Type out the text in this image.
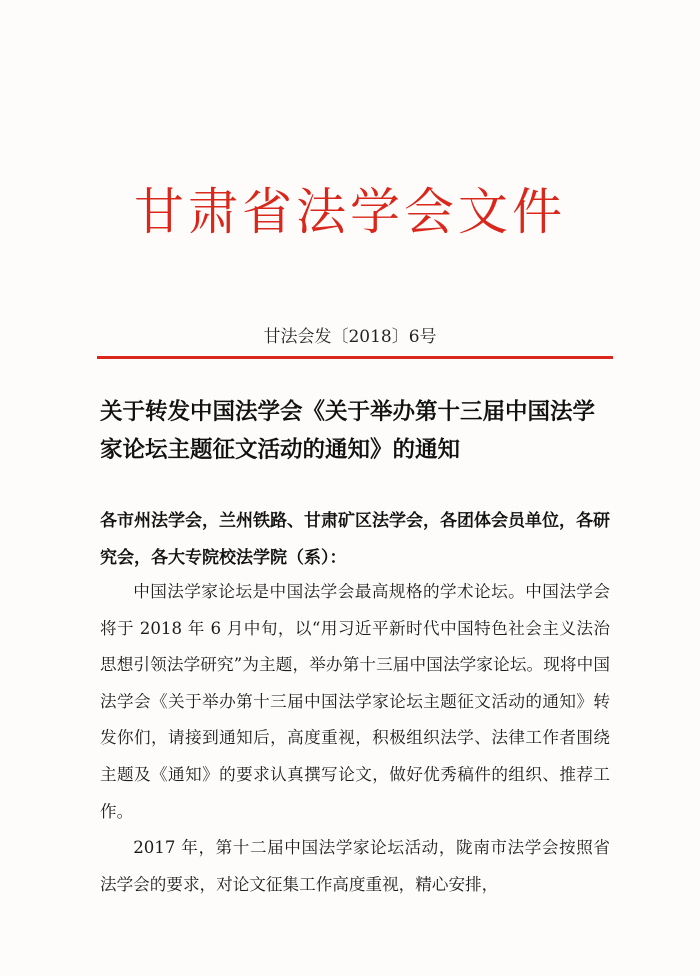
甘肃省法学会文件
甘法会发〔2018〕6号
关于转发中国法学会《关于举办第十三届中国法学家论坛主题征文活动的通知》的通知
各市州法学会，兰州铁路、甘肃矿区法学会，各团体会员单位，各研究会，各大专院校法学院（系）：

中国法学家论坛是中国法学会最高规格的学术论坛。中国法学会将于 2018 年 6 月中旬，以“用习近平新时代中国特色社会主义法治思想引领法学研究”为主题，举办第十三届中国法学家论坛。现将中国法学会《关于举办第十三届中国法学家论坛主题征文活动的通知》转发你们，请接到通知后，高度重视，积极组织法学、法律工作者围绕主题及《通知》的要求认真撰写论文，做好优秀稿件的组织、推荐工作。

2017 年，第十二届中国法学家论坛活动，陇南市法学会按照省法学会的要求，对论文征集工作高度重视，精心安排，
